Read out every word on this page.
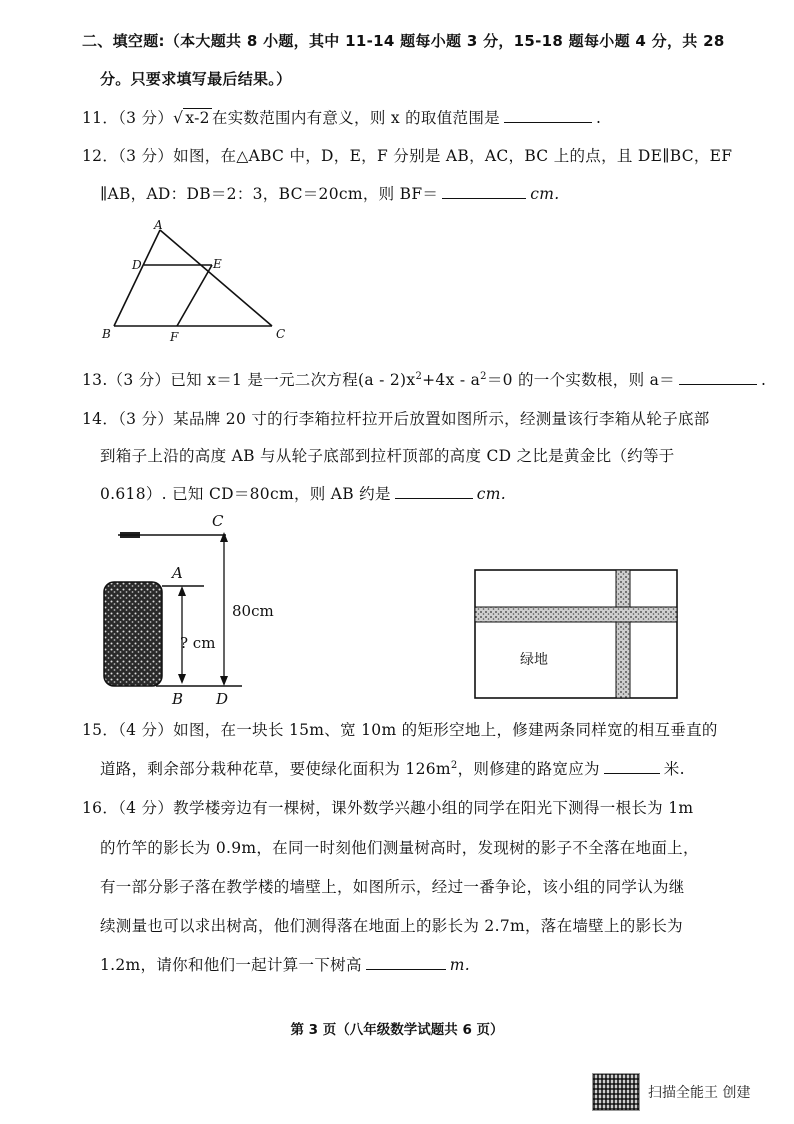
二、填空题:（本大题共 8 小题，其中 11-14 题每小题 3 分，15-18 题每小题 4 分，共 28
分。只要求填写最后结果。）
11．（3 分）√ x-2 在实数范围内有意义，则 x 的取值范围是	.
12．（3 分）如图，在△ABC 中，D，E，F 分别是 AB，AC，BC 上的点，且 DE∥BC，EF
∥AB，AD：DB＝2：3，BC＝20cm，则 BF＝	cm.
A
D	E
B	F	C
13.（3 分）已知 x＝1 是一元二次方程$(a - 2)x^2+4x - a^2=0$ 的一个实数根，则 a＝	.
14．（3 分）某品牌 20 寸的行李箱拉杆拉开后放置如图所示，经测量该行李箱从轮子底部
到箱子上沿的高度 AB 与从轮子底部到拉杆顶部的高度 CD 之比是黄金比（约等于
0.618）. 已知 CD＝80cm，则 AB 约是	cm.
C
A
B D
80cm
? cm
绿地
15．（4 分）如图，在一块长 15m、宽 10m 的矩形空地上，修建两条同样宽的相互垂直的
道路，剩余部分栽种花草，要使绿化面积为 $126m^2$，则修建的路宽应为	米.
16．（4 分）教学楼旁边有一棵树，课外数学兴趣小组的同学在阳光下测得一根长为 1m
的竹竿的影长为 0.9m，在同一时刻他们测量树高时，发现树的影子不全落在地面上，
有一部分影子落在教学楼的墙壁上，如图所示，经过一番争论，该小组的同学认为继
续测量也可以求出树高，他们测得落在地面上的影长为 2.7m，落在墙壁上的影长为
1.2m，请你和他们一起计算一下树高	m.
第 3 页（八年级数学试题共 6 页）
扫描全能王 创建
